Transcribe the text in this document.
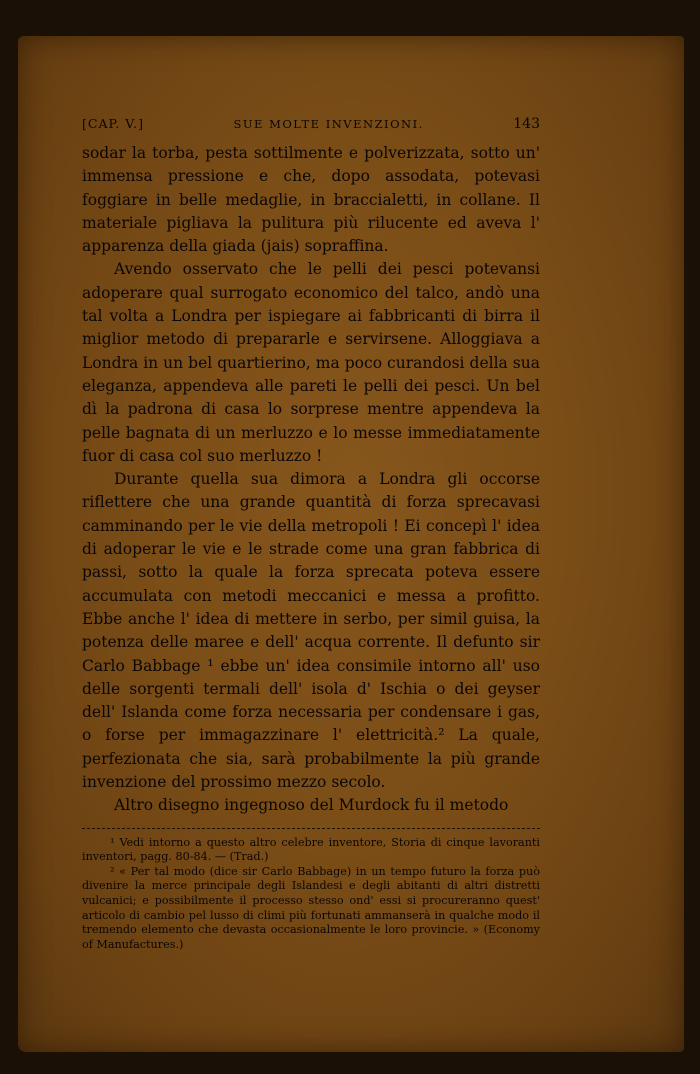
[CAP. V.]	SUE MOLTE INVENZIONI.	143

sodar la torba, pesta sottilmente e polverizzata, sotto un' immensa pressione e che, dopo assodata, potevasi foggiare in belle medaglie, in braccialetti, in collane. Il materiale pigliava la pulitura più rilucente ed aveva l' apparenza della giada (jais) sopraffina.

Avendo osservato che le pelli dei pesci potevansi adoperare qual surrogato economico del talco, andò una tal volta a Londra per ispiegare ai fabbricanti di birra il miglior metodo di prepararle e servirsene. Alloggiava a Londra in un bel quartierino, ma poco curandosi della sua eleganza, appendeva alle pareti le pelli dei pesci. Un bel dì la padrona di casa lo sorprese mentre appendeva la pelle bagnata di un merluzzo e lo messe immediatamente fuor di casa col suo merluzzo !

Durante quella sua dimora a Londra gli occorse riflettere che una grande quantità di forza sprecavasi camminando per le vie della metropoli ! Ei concepì l' idea di adoperar le vie e le strade come una gran fabbrica di passi, sotto la quale la forza sprecata poteva essere accumulata con metodi meccanici e messa a profitto. Ebbe anche l' idea di mettere in serbo, per simil guisa, la potenza delle maree e dell' acqua corrente. Il defunto sir Carlo Babbage ¹ ebbe un' idea consimile intorno all' uso delle sorgenti termali dell' isola d' Ischia o dei geyser dell' Islanda come forza necessaria per condensare i gas, o forse per immagazzinare l' elettricità.² La quale, perfezionata che sia, sarà probabilmente la più grande invenzione del prossimo mezzo secolo.

Altro disegno ingegnoso del Murdock fu il metodo

¹ Vedi intorno a questo altro celebre inventore, Storia di cinque lavoranti inventori, pagg. 80-84. — (Trad.)

² « Per tal modo (dice sir Carlo Babbage) in un tempo futuro la forza può divenire la merce principale degli Islandesi e degli abitanti di altri distretti vulcanici; e possibilmente il processo stesso ond' essi si procureranno quest' articolo di cambio pel lusso di climi più fortunati ammanserà in qualche modo il tremendo elemento che devasta occasionalmente le loro provincie. » (Economy of Manufactures.)
